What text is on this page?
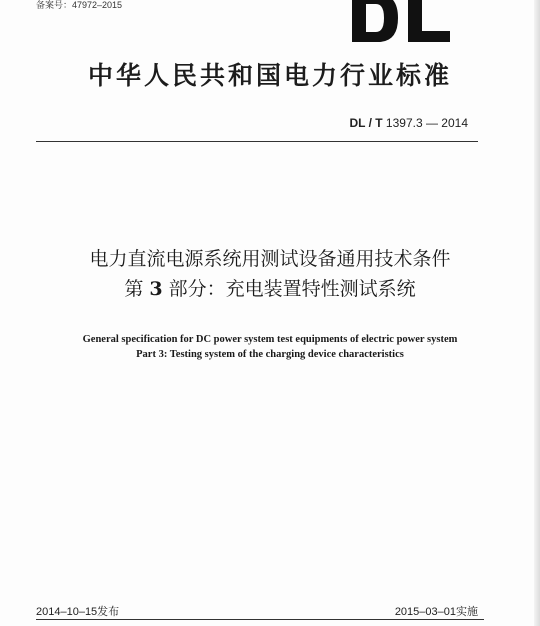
备案号：47972–2015
中华人民共和国电力行业标准
DL / T 1397.3 — 2014
电力直流电源系统用测试设备通用技术条件
第 3 部分：充电装置特性测试系统
General specification for DC power system test equipments of electric power system
Part 3: Testing system of the charging device characteristics
2014–10–15发布	2015–03–01实施
